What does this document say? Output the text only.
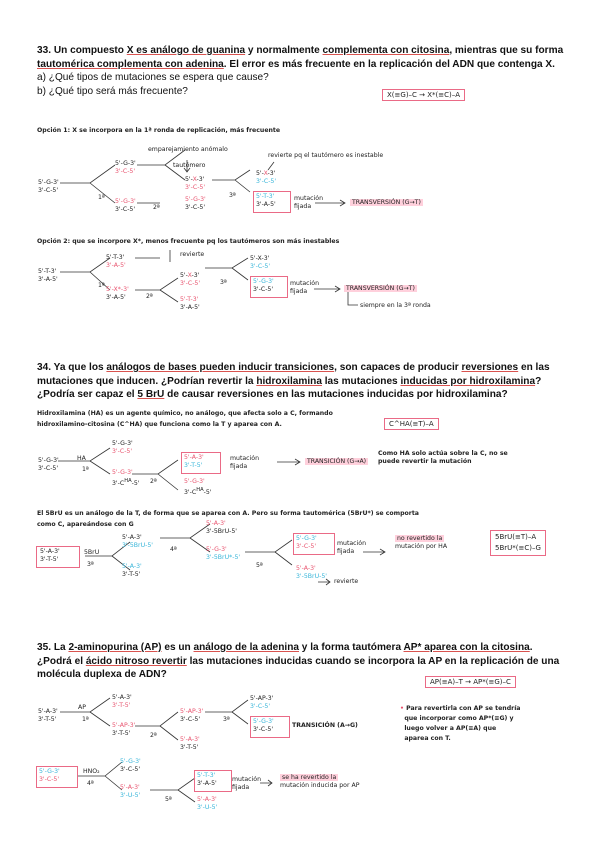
33. Un compuesto X es análogo de guanina y normalmente complementa con citosina, mientras que su forma
tautomérica complementa con adenina. El error es más frecuente en la replicación del ADN que contenga X.
a) ¿Qué tipos de mutaciones se espera que cause?
b) ¿Qué tipo será más frecuente?	X(≡G)–C → X*(≡C)–A
Opción 1: X se incorpora en la 1ª ronda de replicación, más frecuente
emparejamiento anómalo
tautómero
revierte pq el tautómero es inestable
5'-G-3'
3'-C-5'
1ª
5'-G-3'
3'-C-5'
5'-G-3'
3'-C-5'	2ª
5'-X-3'
3'-C-5'
5'-G-3'
3'-C-5'
3ª
5'-X-3'
3'-C-5'
5'-T-3'
3'-A-5'
mutación
fijada
TRANSVERSIÓN (G→T)
Opción 2: que se incorpore X*, menos frecuente pq los tautómeros son más inestables
revierte
5'-T-3'
3'-A-5'
1ª
5'-T-3'
3'-A-5'
5'-X*-3'
3'-A-5'	2ª
5'-X-3'
3'-C-5'
5'-T-3'
3'-A-5'
3ª
5'-X-3'
3'-C-5'
5'-G-3'
3'-C-5'
mutación
fijada	TRANSVERSIÓN (G→T)
siempre en la 3ª ronda
34. Ya que los análogos de bases pueden inducir transiciones, son capaces de producir reversiones en las
mutaciones que inducen. ¿Podrían revertir la hidroxilamina las mutaciones inducidas por hidroxilamina?
¿Podría ser capaz el 5 BrU de causar reversiones en las mutaciones inducidas por hidroxilamina?
Hidroxilamina (HA) es un agente químico, no análogo, que afecta solo a C, formando
hidroxilamino-citosina (C^HA) que funciona como la T y aparea con A.	C^HA(≡T)–A
5'-G-3'
3'-C-5'
HA
1ª
5'-G-3'
3'-C-5'
5'-G-3'
$3'-C^{HA}-5'$ 2ª
5'-A-3'
3'-T-5'
5'-G-3'
$3'-C^{HA}-5'$
mutación
fijada
TRANSICIÓN (G→A)
Como HA solo actúa sobre la C, no se
puede revertir la mutación
El 5BrU es un análogo de la T, de forma que se aparea con A. Pero su forma tautomérica (5BrU*) se comporta
como C, apareándose con G
5'-A-3'
3'-T-5'
5BrU
3ª
5'-A-3'
3'-5BrU-5'
5'-A-3'
3'-T-5'
4ª
5'-A-3'
3'-5BrU-5'
5'-G-3'
3'-5BrU*-5'
5ª
5'-G-3'
3'-C-5'
5'-A-3'
3'-5BrU-5'
mutación
fijada
no revertido la
mutación por HA
revierte
5BrU(≡T)–A
5BrU*(≡C)–G
35. La 2-aminopurina (AP) es un análogo de la adenina y la forma tautómera AP* aparea con la citosina.
¿Podrá el ácido nitroso revertir las mutaciones inducidas cuando se incorpora la AP en la replicación de una
molécula duplexa de ADN?
AP(≡A)–T → AP*(≡G)–C
5'-A-3'
3'-T-5'
AP
1ª
5'-A-3'
3'-T-5'
5'-AP-3'
3'-T-5'	2ª
5'-AP-3'
3'-C-5'
5'-A-3'
3'-T-5'
3ª
5'-AP-3'
3'-C-5'
5'-G-3'
3'-C-5'
TRANSICIÓN (A→G)
• Para revertirla con AP se tendría
que incorporar como AP*(≡G) y
luego volver a AP(≡A) que
aparea con T.
5'-G-3'
3'-C-5'
HNO₂
4ª
5'-G-3'
3'-C-5'
5'-A-3'
3'-U-5'
5ª
5'-T-3'
3'-A-5'
5'-A-3'
3'-U-5'
mutación
fijada
se ha revertido la
mutación inducida por AP
